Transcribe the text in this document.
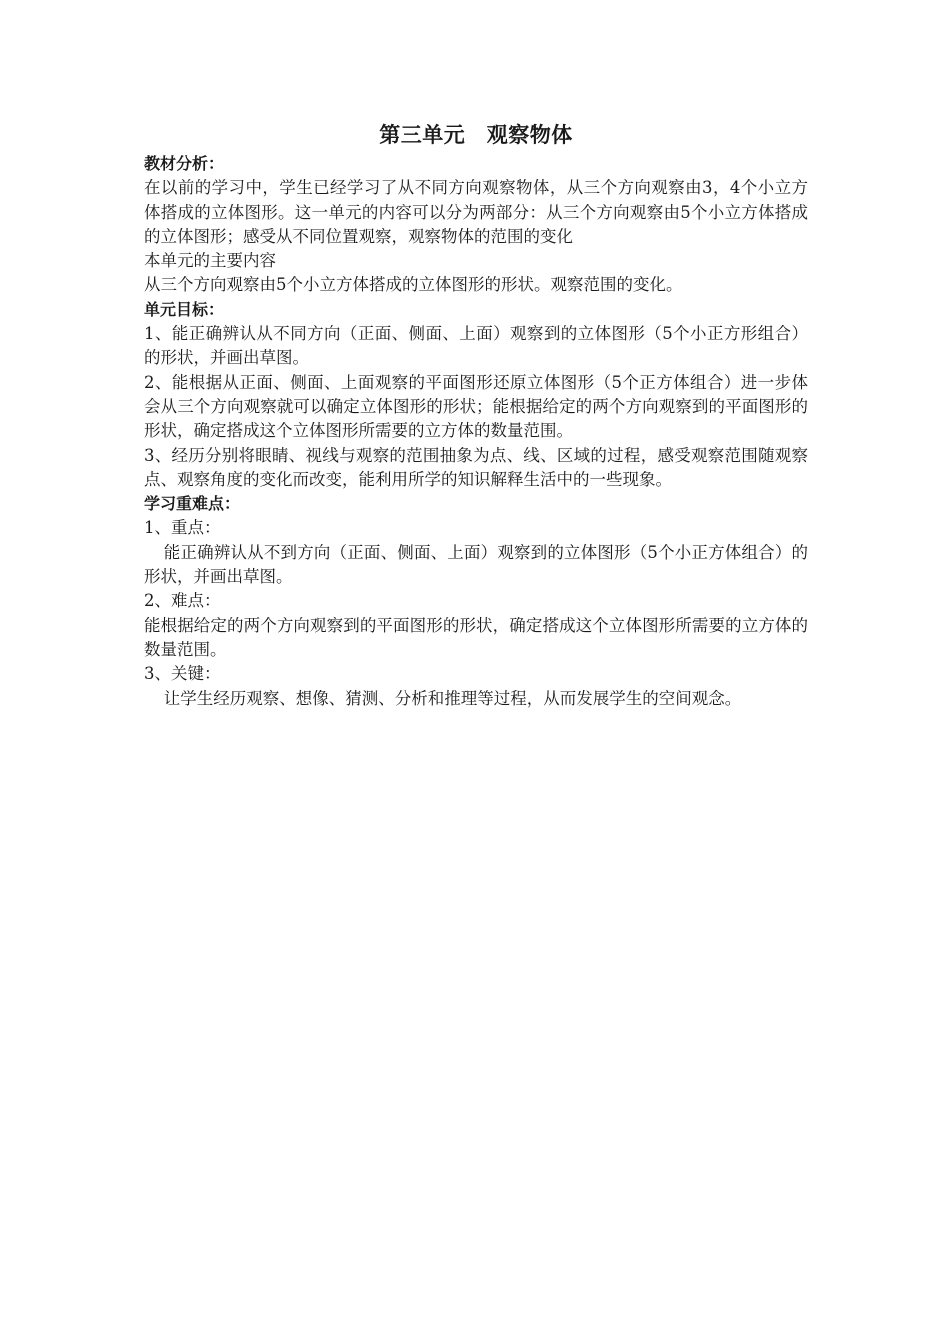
第三单元　观察物体

教材分析：

在以前的学习中，学生已经学习了从不同方向观察物体，从三个方向观察由3，4个小立方体搭成的立体图形。这一单元的内容可以分为两部分：从三个方向观察由5个小立方体搭成的立体图形；感受从不同位置观察，观察物体的范围的变化

本单元的主要内容

从三个方向观察由5个小立方体搭成的立体图形的形状。观察范围的变化。

单元目标：

1、能正确辨认从不同方向（正面、侧面、上面）观察到的立体图形（5个小正方形组合）的形状，并画出草图。

2、能根据从正面、侧面、上面观察的平面图形还原立体图形（5个正方体组合）进一步体会从三个方向观察就可以确定立体图形的形状；能根据给定的两个方向观察到的平面图形的形状，确定搭成这个立体图形所需要的立方体的数量范围。

3、经历分别将眼睛、视线与观察的范围抽象为点、线、区域的过程，感受观察范围随观察点、观察角度的变化而改变，能利用所学的知识解释生活中的一些现象。

学习重难点：

1、重点：

能正确辨认从不到方向（正面、侧面、上面）观察到的立体图形（5个小正方体组合）的形状，并画出草图。

2、难点：

能根据给定的两个方向观察到的平面图形的形状，确定搭成这个立体图形所需要的立方体的数量范围。

3、关键：

让学生经历观察、想像、猜测、分析和推理等过程，从而发展学生的空间观念。
